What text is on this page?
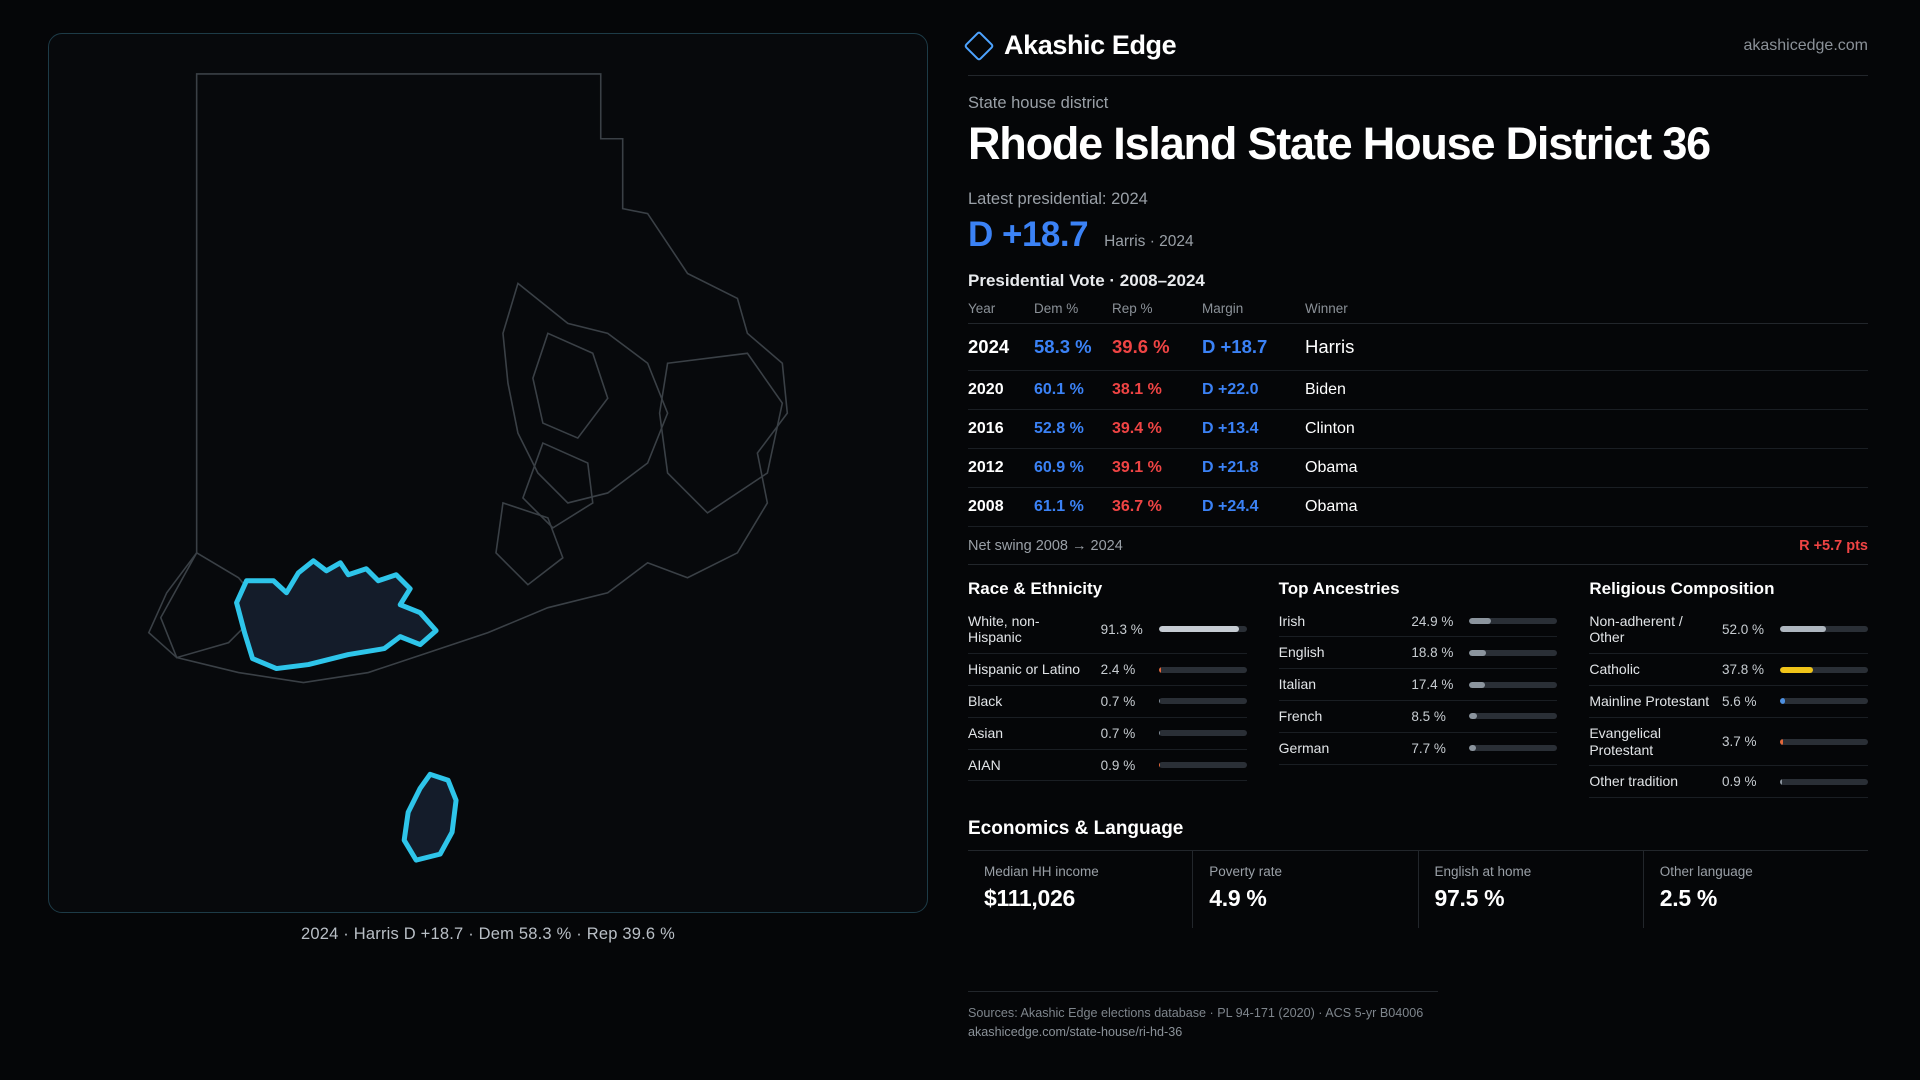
2024 · Harris D +18.7 · Dem 58.3 % · Rep 39.6 %
Akashic Edge	akashicedge.com
State house district
Rhode Island State House District 36
Latest presidential: 2024
D +18.7 Harris · 2024
Presidential Vote · 2008–2024
Year	Dem %	Rep %	Margin	Winner
2024	58.3 %	39.6 %	D +18.7	Harris
2020	60.1 %	38.1 %	D +22.0	Biden
2016	52.8 %	39.4 %	D +13.4	Clinton
2012	60.9 %	39.1 %	D +21.8	Obama
2008	61.1 %	36.7 %	D +24.4	Obama
Net swing 2008 → 2024	R +5.7 pts
Race & Ethnicity
White, non-Hispanic	91.3 %
Hispanic or Latino	2.4 %
Black	0.7 %
Asian	0.7 %
AIAN	0.9 %
Top Ancestries
Irish	24.9 %
English	18.8 %
Italian	17.4 %
French	8.5 %
German	7.7 %
Religious Composition
Non-adherent / Other	52.0 %
Catholic	37.8 %
Mainline Protestant 5.6 %
Evangelical Protestant	3.7 %
Other tradition	0.9 %
Economics & Language
Median HH income
$111,026
Poverty rate
4.9 %
English at home
97.5 %
Other language
2.5 %
Sources: Akashic Edge elections database · PL 94-171 (2020) · ACS 5-yr B04006
akashicedge.com/state-house/ri-hd-36
